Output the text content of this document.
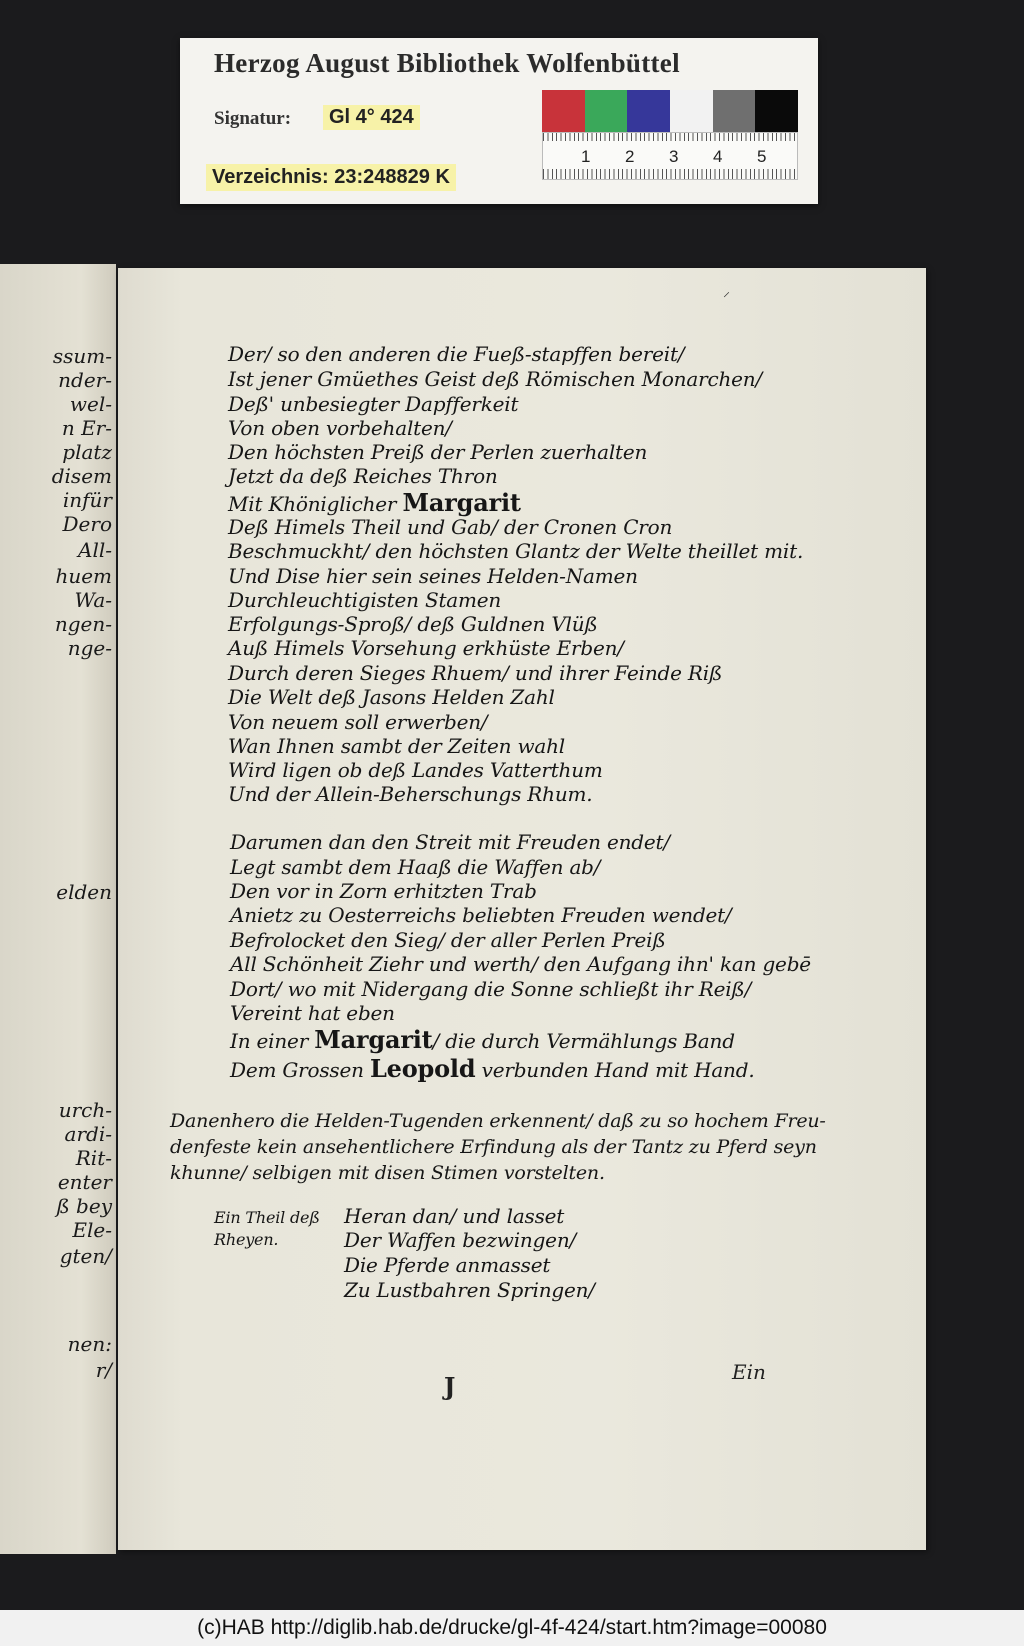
Herzog August Bibliothek Wolfenbüttel
Signatur:	Gl 4° 424
Verzeichnis: 23:248829 K
1 2 3 4 5
ssum-
nder-
wel-
n Er-
platz
disem
infür
Dero
All-
huem
Wa-
ngen-
nge-
elden
urch-
ardi-
Rit-
enter
ß bey
Ele-
gten/
nen:
r/
⸍
Der/ so den anderen die Fueß-stapffen bereit/
Ist jener Gmüethes Geist deß Römischen Monarchen/
Deß' unbesiegter Dapfferkeit
Von oben vorbehalten/
Den höchsten Preiß der Perlen zuerhalten
Jetzt da deß Reiches Thron
Mit Khöniglicher Margarit
Deß Himels Theil und Gab/ der Cronen Cron
Beschmuckht/ den höchsten Glantz der Welte theillet mit.
Und Dise hier sein seines Helden-Namen
Durchleuchtigisten Stamen
Erfolgungs-Sproß/ deß Guldnen Vlüß
Auß Himels Vorsehung erkhüste Erben/
Durch deren Sieges Rhuem/ und ihrer Feinde Riß
Die Welt deß Jasons Helden Zahl
Von neuem soll erwerben/
Wan Ihnen sambt der Zeiten wahl
Wird ligen ob deß Landes Vatterthum
Und der Allein-Beherschungs Rhum.
Darumen dan den Streit mit Freuden endet/
Legt sambt dem Haaß die Waffen ab/
Den vor in Zorn erhitzten Trab
Anietz zu Oesterreichs beliebten Freuden wendet/
Befrolocket den Sieg/ der aller Perlen Preiß
All Schönheit Ziehr und werth/ den Aufgang ihn' kan gebē
Dort/ wo mit Nidergang die Sonne schließt ihr Reiß/
Vereint hat eben
In einer Margarit/ die durch Vermählungs Band
Dem Grossen Leopold verbunden Hand mit Hand.
Danenhero die Helden-Tugenden erkennent/ daß zu so hochem Freu-
denfeste kein ansehentlichere Erfindung als der Tantz zu Pferd seyn
khunne/ selbigen mit disen Stimen vorstelten.
Ein Theil deß
Rheyen.
Heran dan/ und lasset
Der Waffen bezwingen/
Die Pferde anmasset
Zu Lustbahren Springen/
J	Ein
(c)HAB http://diglib.hab.de/drucke/gl-4f-424/start.htm?image=00080
